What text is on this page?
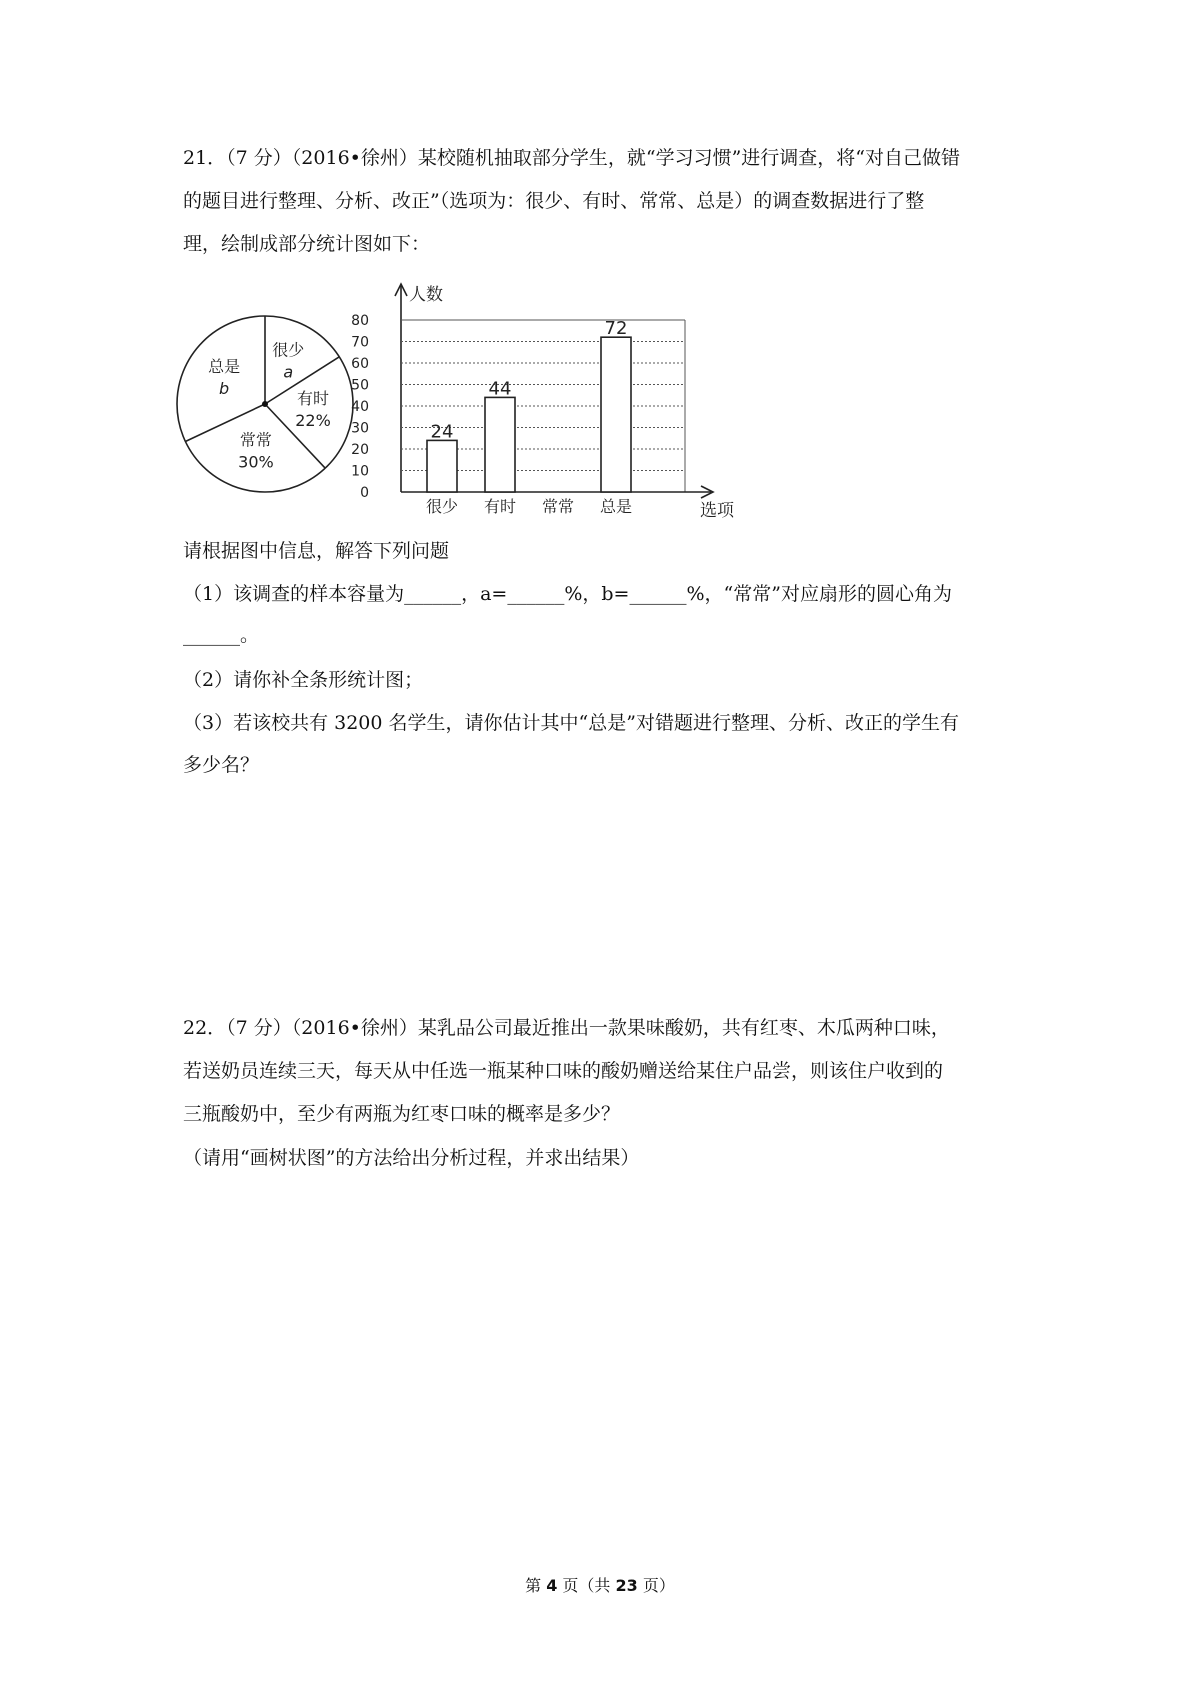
21．（7 分）（2016•徐州）某校随机抽取部分学生，就“学习习惯”进行调查，将“对自己做错
的题目进行整理、分析、改正”（选项为：很少、有时、常常、总是）的调查数据进行了整
理，绘制成部分统计图如下：
很少
a
有时
22%
常常
30%
总是
b
人数
0
10
20
30
40
50
60
70
80
选项
24
很少
44
有时 常常
72
总是
请根据图中信息，解答下列问题
（1）该调查的样本容量为______，a=______%，b=______%，“常常”对应扇形的圆心角为
______。
（2）请你补全条形统计图；
（3）若该校共有 3200 名学生，请你估计其中“总是”对错题进行整理、分析、改正的学生有
多少名？
22．（7 分）（2016•徐州）某乳品公司最近推出一款果味酸奶，共有红枣、木瓜两种口味，
若送奶员连续三天，每天从中任选一瓶某种口味的酸奶赠送给某住户品尝，则该住户收到的
三瓶酸奶中，至少有两瓶为红枣口味的概率是多少？
（请用“画树状图”的方法给出分析过程，并求出结果）
第 4 页（共 23 页）
